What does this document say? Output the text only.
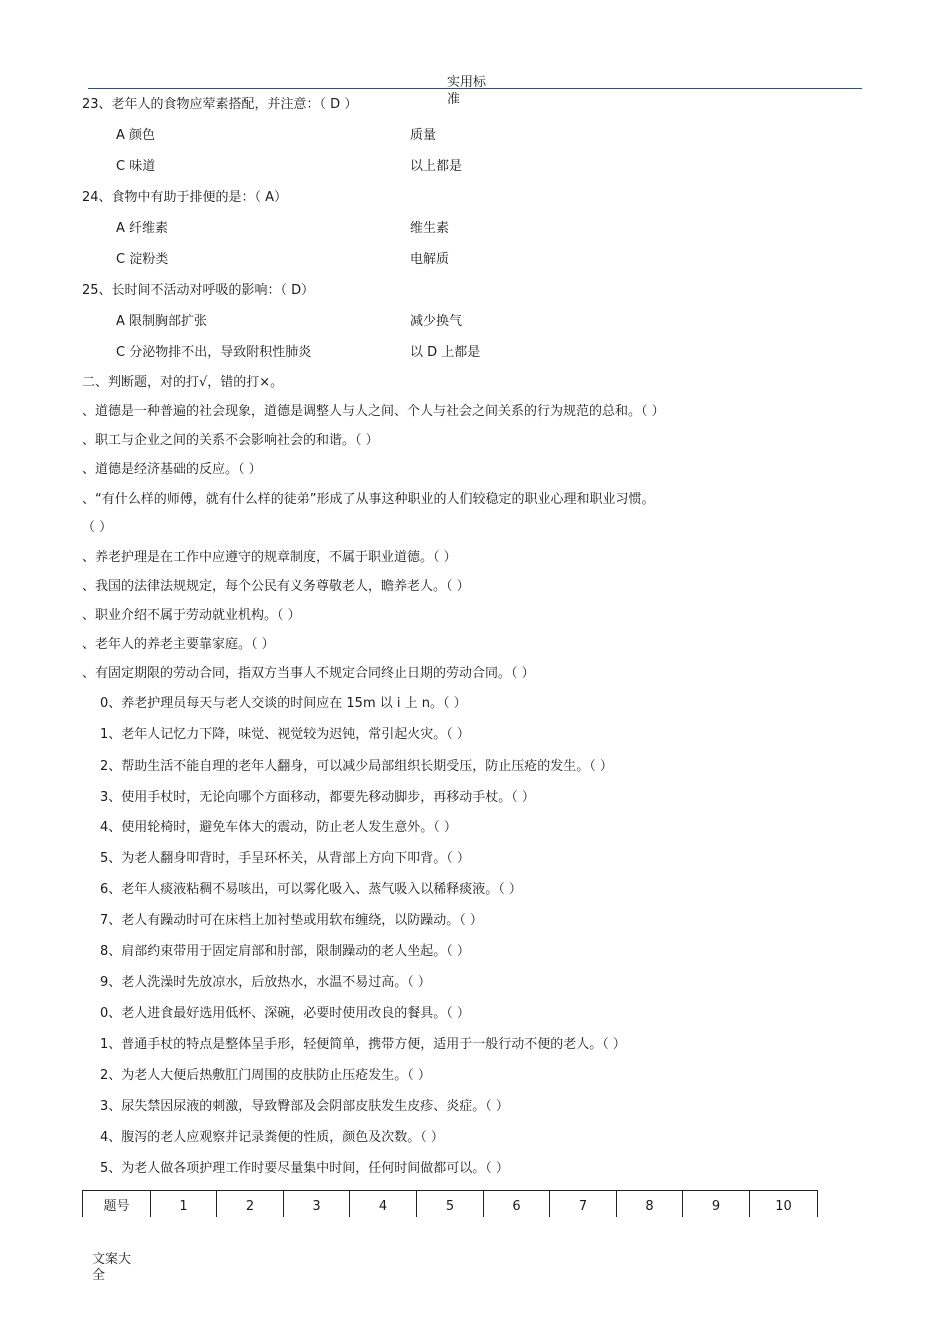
实用标
准
23、老年人的食物应荤素搭配，并注意：（ D ）
A 颜色	质量
C 味道	以上都是
24、食物中有助于排便的是：（ A）
A 纤维素	维生素
C 淀粉类	电解质
25、长时间不活动对呼吸的影响：（ D）
A 限制胸部扩张	减少换气
C 分泌物排不出，导致附积性肺炎	以 D 上都是
二、判断题，对的打√，错的打×。
、道德是一种普遍的社会现象，道德是调整人与人之间、个人与社会之间关系的行为规范的总和。（ ）
、职工与企业之间的关系不会影响社会的和谐。（ ）
、道德是经济基础的反应。（ ）
、“有什么样的师傅，就有什么样的徒弟”形成了从事这种职业的人们较稳定的职业心理和职业习惯。
（ ）
、养老护理是在工作中应遵守的规章制度，不属于职业道德。（ ）
、我国的法律法规规定，每个公民有义务尊敬老人，瞻养老人。（ ）
、职业介绍不属于劳动就业机构。（ ）
、老年人的养老主要靠家庭。（ ）
、有固定期限的劳动合同，指双方当事人不规定合同终止日期的劳动合同。（ ）
0、养老护理员每天与老人交谈的时间应在 15m 以 i 上 n。（ ）
1、老年人记忆力下降，味觉、视觉较为迟钝，常引起火灾。（ ）
2、帮助生活不能自理的老年人翻身，可以减少局部组织长期受压，防止压疮的发生。（ ）
3、使用手杖时，无论向哪个方面移动，都要先移动脚步，再移动手杖。（ ）
4、使用轮椅时，避免车体大的震动，防止老人发生意外。（ ）
5、为老人翻身叩背时，手呈环杯关，从背部上方向下叩背。（ ）
6、老年人痰液粘稠不易咳出，可以雾化吸入、蒸气吸入以稀释痰液。（ ）
7、老人有躁动时可在床档上加衬垫或用软布缠绕，以防躁动。（ ）
8、肩部约束带用于固定肩部和肘部，限制躁动的老人坐起。（ ）
9、老人洗澡时先放凉水，后放热水，水温不易过高。（ ）
0、老人进食最好选用低杯、深碗，必要时使用改良的餐具。（ ）
1、普通手杖的特点是整体呈手形，轻便简单，携带方便，适用于一般行动不便的老人。（ ）
2、为老人大便后热敷肛门周围的皮肤防止压疮发生。（ ）
3、尿失禁因尿液的刺激，导致臀部及会阴部皮肤发生皮疹、炎症。（ ）
4、腹泻的老人应观察并记录粪便的性质，颜色及次数。（ ）
5、为老人做各项护理工作时要尽量集中时间，任何时间做都可以。（ ）
题号	1	2	3	4	5	6	7	8	9	10
文案大
全
